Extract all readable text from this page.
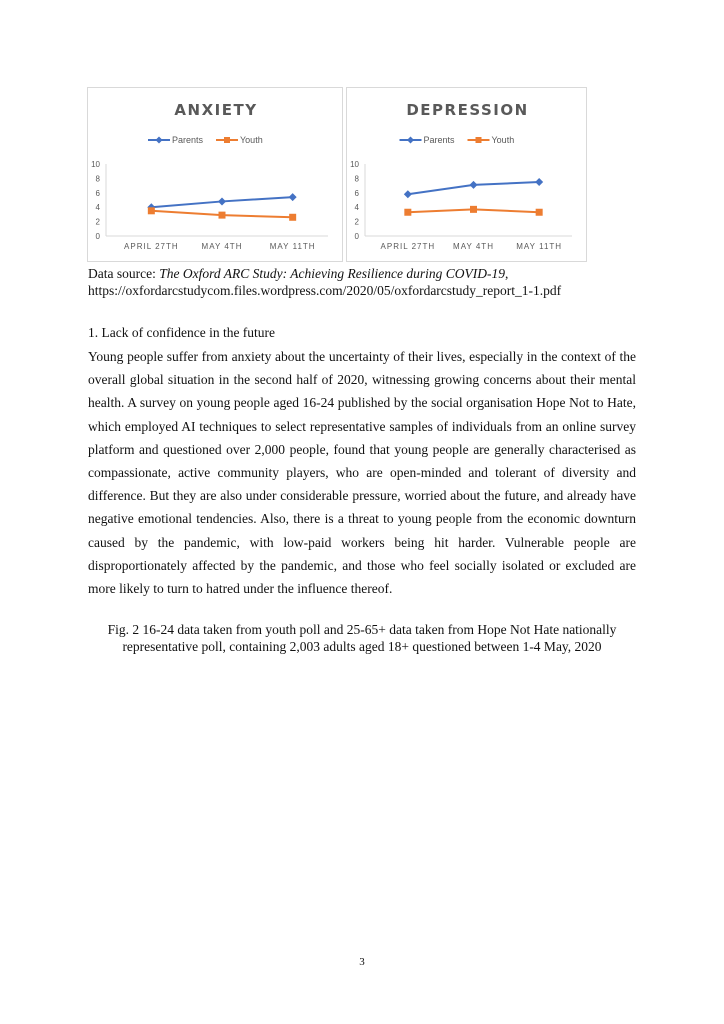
ANXIETY
Parents	Youth
0
2
4
6
8
10
APRIL 27TH	MAY 4TH	MAY 11TH
DEPRESSION
Parents	Youth
0
2
4
6
8
10
APRIL 27TH MAY 4TH	MAY 11TH
Data source: The Oxford ARC Study: Achieving Resilience during COVID-19,
https://oxfordarcstudycom.files.wordpress.com/2020/05/oxfordarcstudy_report_1-1.pdf
1. Lack of confidence in the future

Young people suffer from anxiety about the uncertainty of their lives, especially in the context of the overall global situation in the second half of 2020, witnessing growing concerns about their mental health. A survey on young people aged 16-24 published by the social organisation Hope Not to Hate, which employed AI techniques to select representative samples of individuals from an online survey platform and questioned over 2,000 people, found that young people are generally characterised as compassionate, active community players, who are open-minded and tolerant of diversity and difference. But they are also under considerable pressure, worried about the future, and already have negative emotional tendencies. Also, there is a threat to young people from the economic downturn caused by the pandemic, with low-paid workers being hit harder. Vulnerable people are disproportionately affected by the pandemic, and those who feel socially isolated or excluded are more likely to turn to hatred under the influence thereof.

Fig. 2 16-24 data taken from youth poll and 25-65+ data taken from Hope Not Hate nationally representative poll, containing 2,003 adults aged 18+ questioned between 1-4 May, 2020

3
